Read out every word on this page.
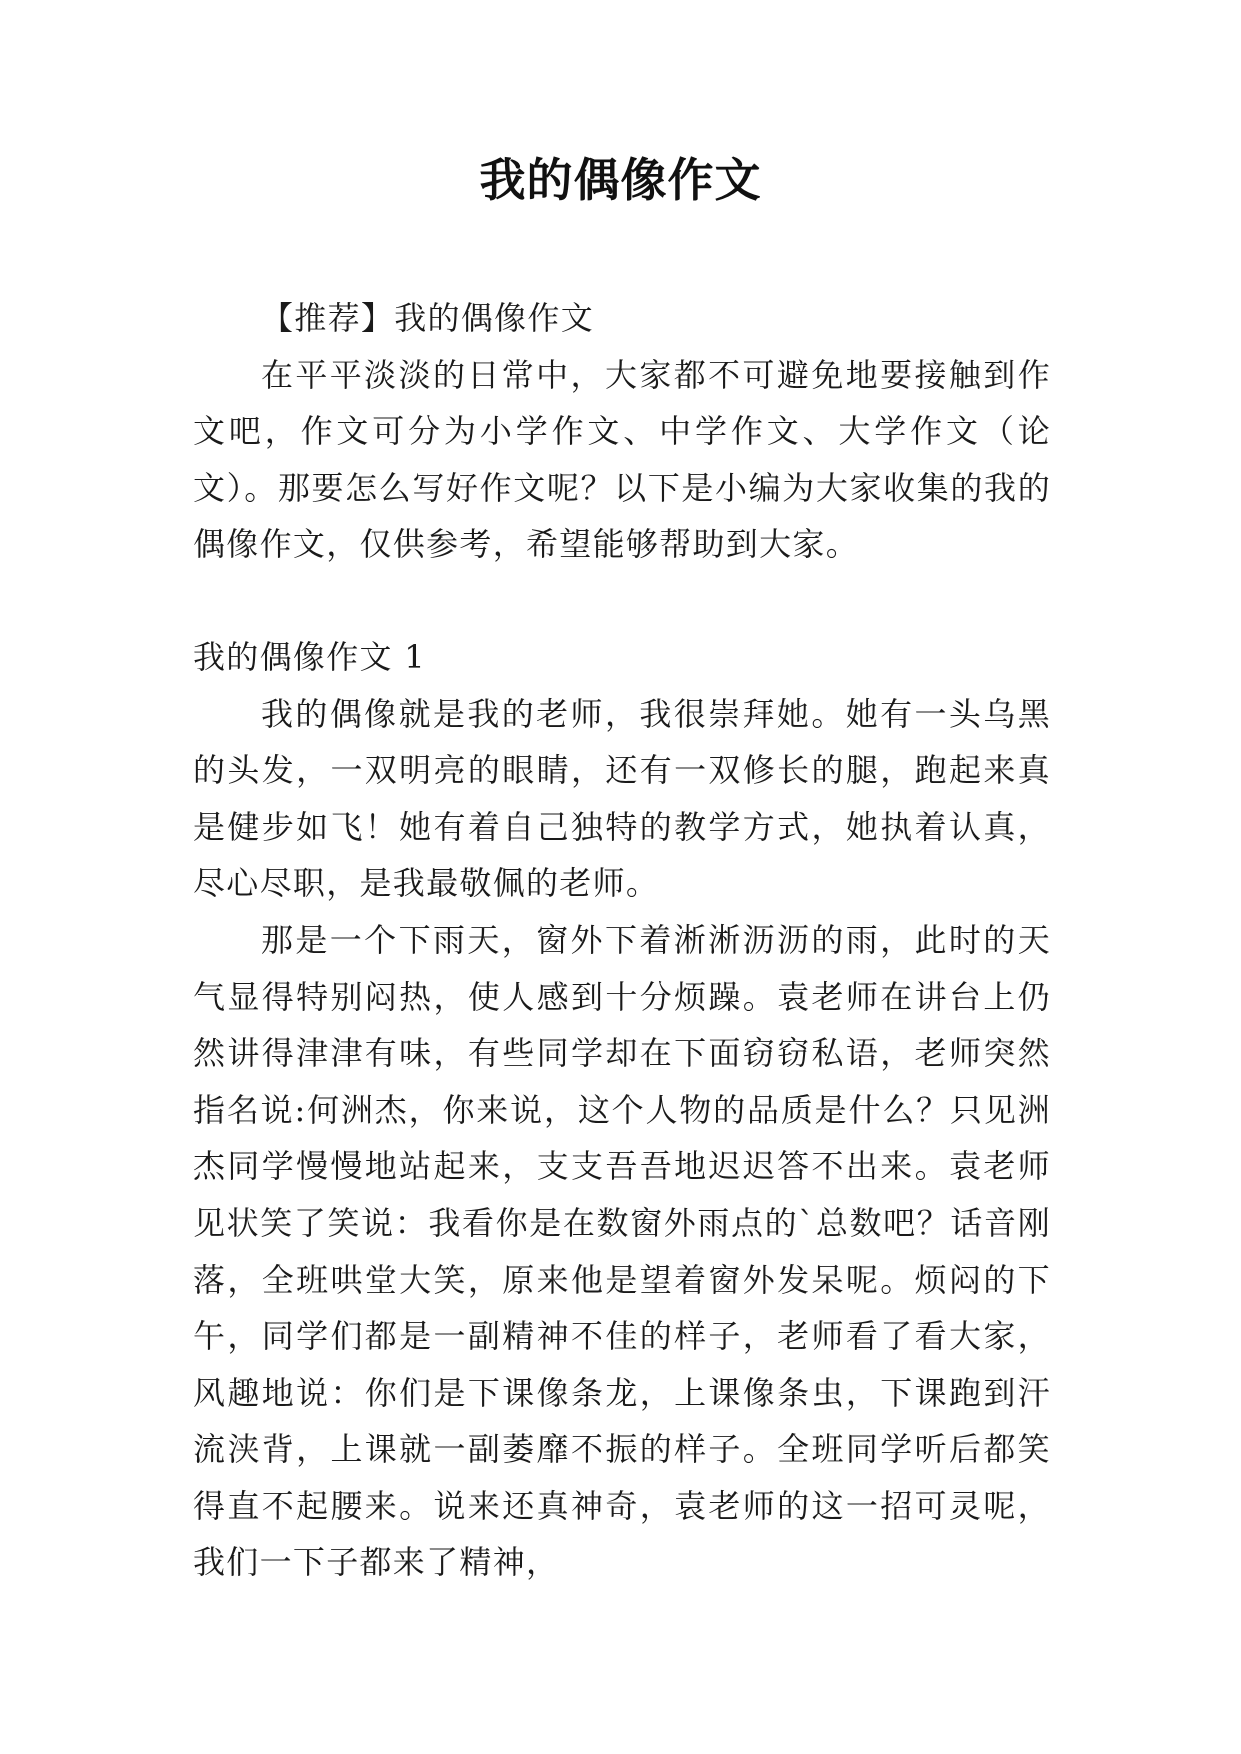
我的偶像作文

【推荐】我的偶像作文

在平平淡淡的日常中，大家都不可避免地要接触到作文吧，作文可分为小学作文、中学作文、大学作文（论文）。那要怎么写好作文呢？以下是小编为大家收集的我的偶像作文，仅供参考，希望能够帮助到大家。

我的偶像作文 1

我的偶像就是我的老师，我很崇拜她。她有一头乌黑的头发，一双明亮的眼睛，还有一双修长的腿，跑起来真是健步如飞！她有着自己独特的教学方式，她执着认真，尽心尽职，是我最敬佩的老师。

那是一个下雨天，窗外下着淅淅沥沥的雨，此时的天气显得特别闷热，使人感到十分烦躁。袁老师在讲台上仍然讲得津津有味，有些同学却在下面窃窃私语，老师突然指名说:何洲杰，你来说，这个人物的品质是什么？只见洲杰同学慢慢地站起来，支支吾吾地迟迟答不出来。袁老师见状笑了笑说：我看你是在数窗外雨点的`总数吧？话音刚落，全班哄堂大笑，原来他是望着窗外发呆呢。烦闷的下午，同学们都是一副精神不佳的样子，老师看了看大家，风趣地说：你们是下课像条龙，上课像条虫，下课跑到汗流浃背，上课就一副萎靡不振的样子。全班同学听后都笑得直不起腰来。说来还真神奇，袁老师的这一招可灵呢，我们一下子都来了精神，
